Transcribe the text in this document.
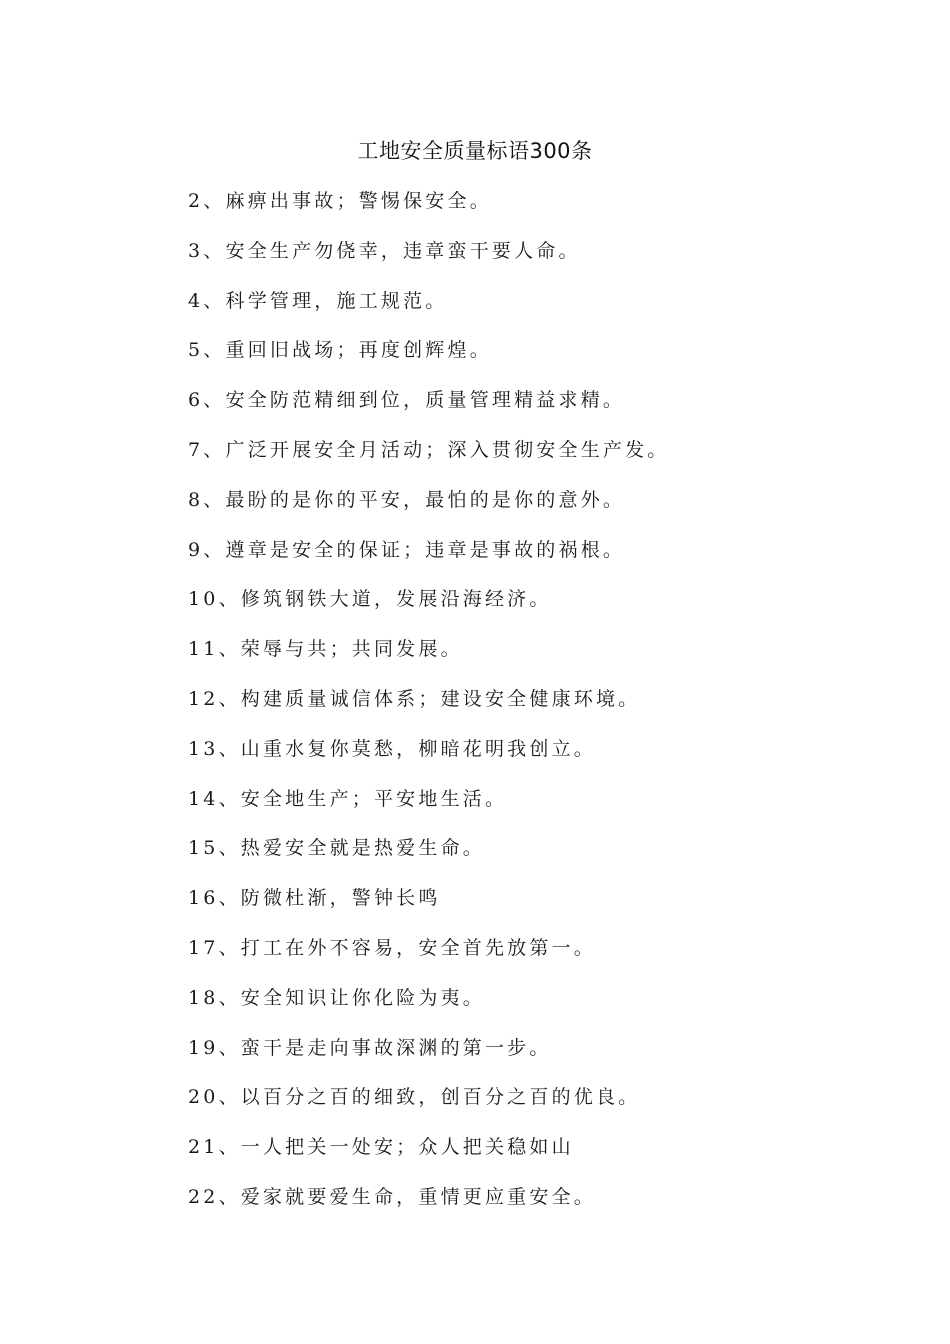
工地安全质量标语300条
2、麻痹出事故；警惕保安全。
3、安全生产勿侥幸，违章蛮干要人命。
4、科学管理，施工规范。
5、重回旧战场；再度创辉煌。
6、安全防范精细到位，质量管理精益求精。
7、广泛开展安全月活动；深入贯彻安全生产发。
8、最盼的是你的平安，最怕的是你的意外。
9、遵章是安全的保证；违章是事故的祸根。
10、修筑钢铁大道，发展沿海经济。
11、荣辱与共；共同发展。
12、构建质量诚信体系；建设安全健康环境。
13、山重水复你莫愁，柳暗花明我创立。
14、安全地生产；平安地生活。
15、热爱安全就是热爱生命。
16、防微杜渐，警钟长鸣
17、打工在外不容易，安全首先放第一。
18、安全知识让你化险为夷。
19、蛮干是走向事故深渊的第一步。
20、以百分之百的细致，创百分之百的优良。
21、一人把关一处安；众人把关稳如山
22、爱家就要爱生命，重情更应重安全。
